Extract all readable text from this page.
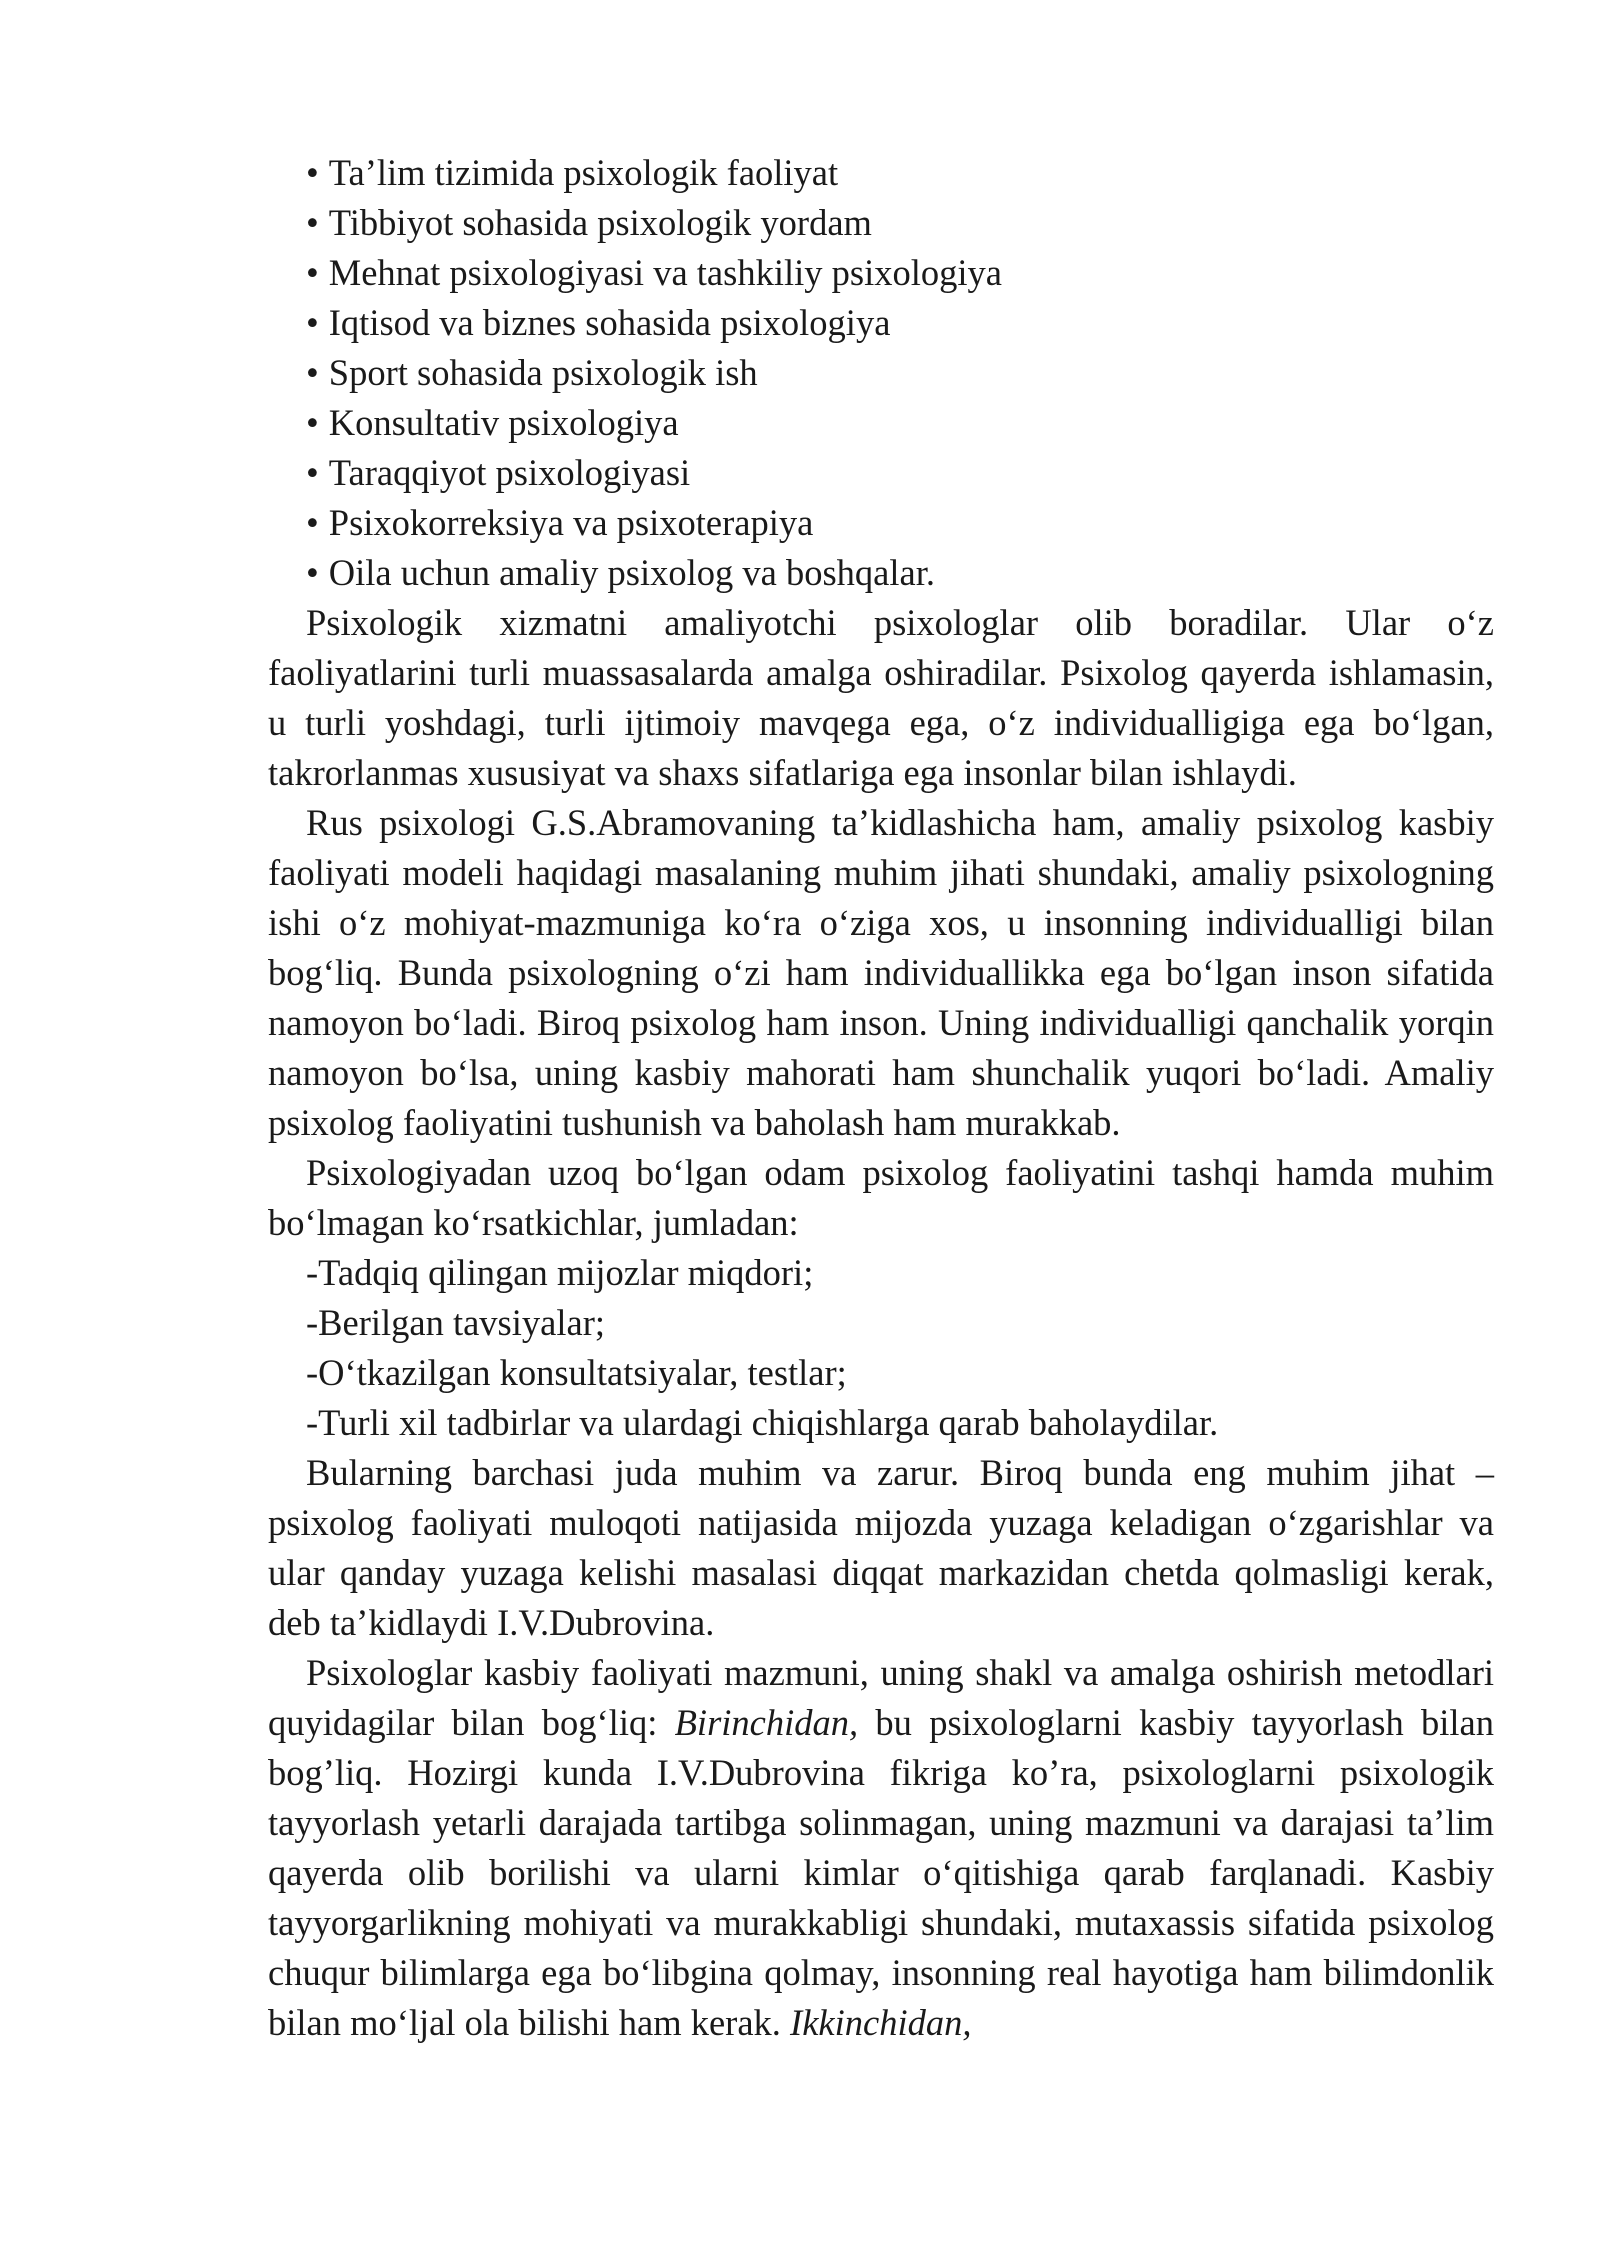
• Ta’lim tizimida psixologik faoliyat
• Tibbiyot sohasida psixologik yordam
• Mehnat psixologiyasi va tashkiliy psixologiya
• Iqtisod va biznes sohasida psixologiya
• Sport sohasida psixologik ish
• Konsultativ psixologiya
• Taraqqiyot psixologiyasi
• Psixokorreksiya va psixoterapiya
• Oila uchun amaliy psixolog va boshqalar.

Psixologik xizmatni amaliyotchi psixologlar olib boradilar. Ular o‘z faoliyatlarini turli muassasalarda amalga oshiradilar. Psixolog qayerda ishlamasin, u turli yoshdagi, turli ijtimoiy mavqega ega, o‘z individualligiga ega bo‘lgan, takrorlanmas xususiyat va shaxs sifatlariga ega insonlar bilan ishlaydi.

Rus psixologi G.S.Abramovaning ta’kidlashicha ham, amaliy psixolog kasbiy faoliyati modeli haqidagi masalaning muhim jihati shundaki, amaliy psixologning ishi o‘z mohiyat-mazmuniga ko‘ra o‘ziga xos, u insonning individualligi bilan bog‘liq. Bunda psixologning o‘zi ham individuallikka ega bo‘lgan inson sifatida namoyon bo‘ladi. Biroq psixolog ham inson. Uning individualligi qanchalik yorqin namoyon bo‘lsa, uning kasbiy mahorati ham shunchalik yuqori bo‘ladi. Amaliy psixolog faoliyatini tushunish va baholash ham murakkab.

Psixologiyadan uzoq bo‘lgan odam psixolog faoliyatini tashqi hamda muhim bo‘lmagan ko‘rsatkichlar, jumladan:

-Tadqiq qilingan mijozlar miqdori;

-Berilgan tavsiyalar;

-O‘tkazilgan konsultatsiyalar, testlar;

-Turli xil tadbirlar va ulardagi chiqishlarga qarab baholaydilar.

Bularning barchasi juda muhim va zarur. Biroq bunda eng muhim jihat – psixolog faoliyati muloqoti natijasida mijozda yuzaga keladigan o‘zgarishlar va ular qanday yuzaga kelishi masalasi diqqat markazidan chetda qolmasligi kerak, deb ta’kidlaydi I.V.Dubrovina.

Psixologlar kasbiy faoliyati mazmuni, uning shakl va amalga oshirish metodlari quyidagilar bilan bog‘liq: Birinchidan, bu psixologlarni kasbiy tayyorlash bilan bog’liq. Hozirgi kunda I.V.Dubrovina fikriga ko’ra, psixologlarni psixologik tayyorlash yetarli darajada tartibga solinmagan, uning mazmuni va darajasi ta’lim qayerda olib borilishi va ularni kimlar o‘qitishiga qarab farqlanadi. Kasbiy tayyorgarlikning mohiyati va murakkabligi shundaki, mutaxassis sifatida psixolog chuqur bilimlarga ega bo‘libgina qolmay, insonning real hayotiga ham bilimdonlik bilan mo‘ljal ola bilishi ham kerak. Ikkinchidan,
